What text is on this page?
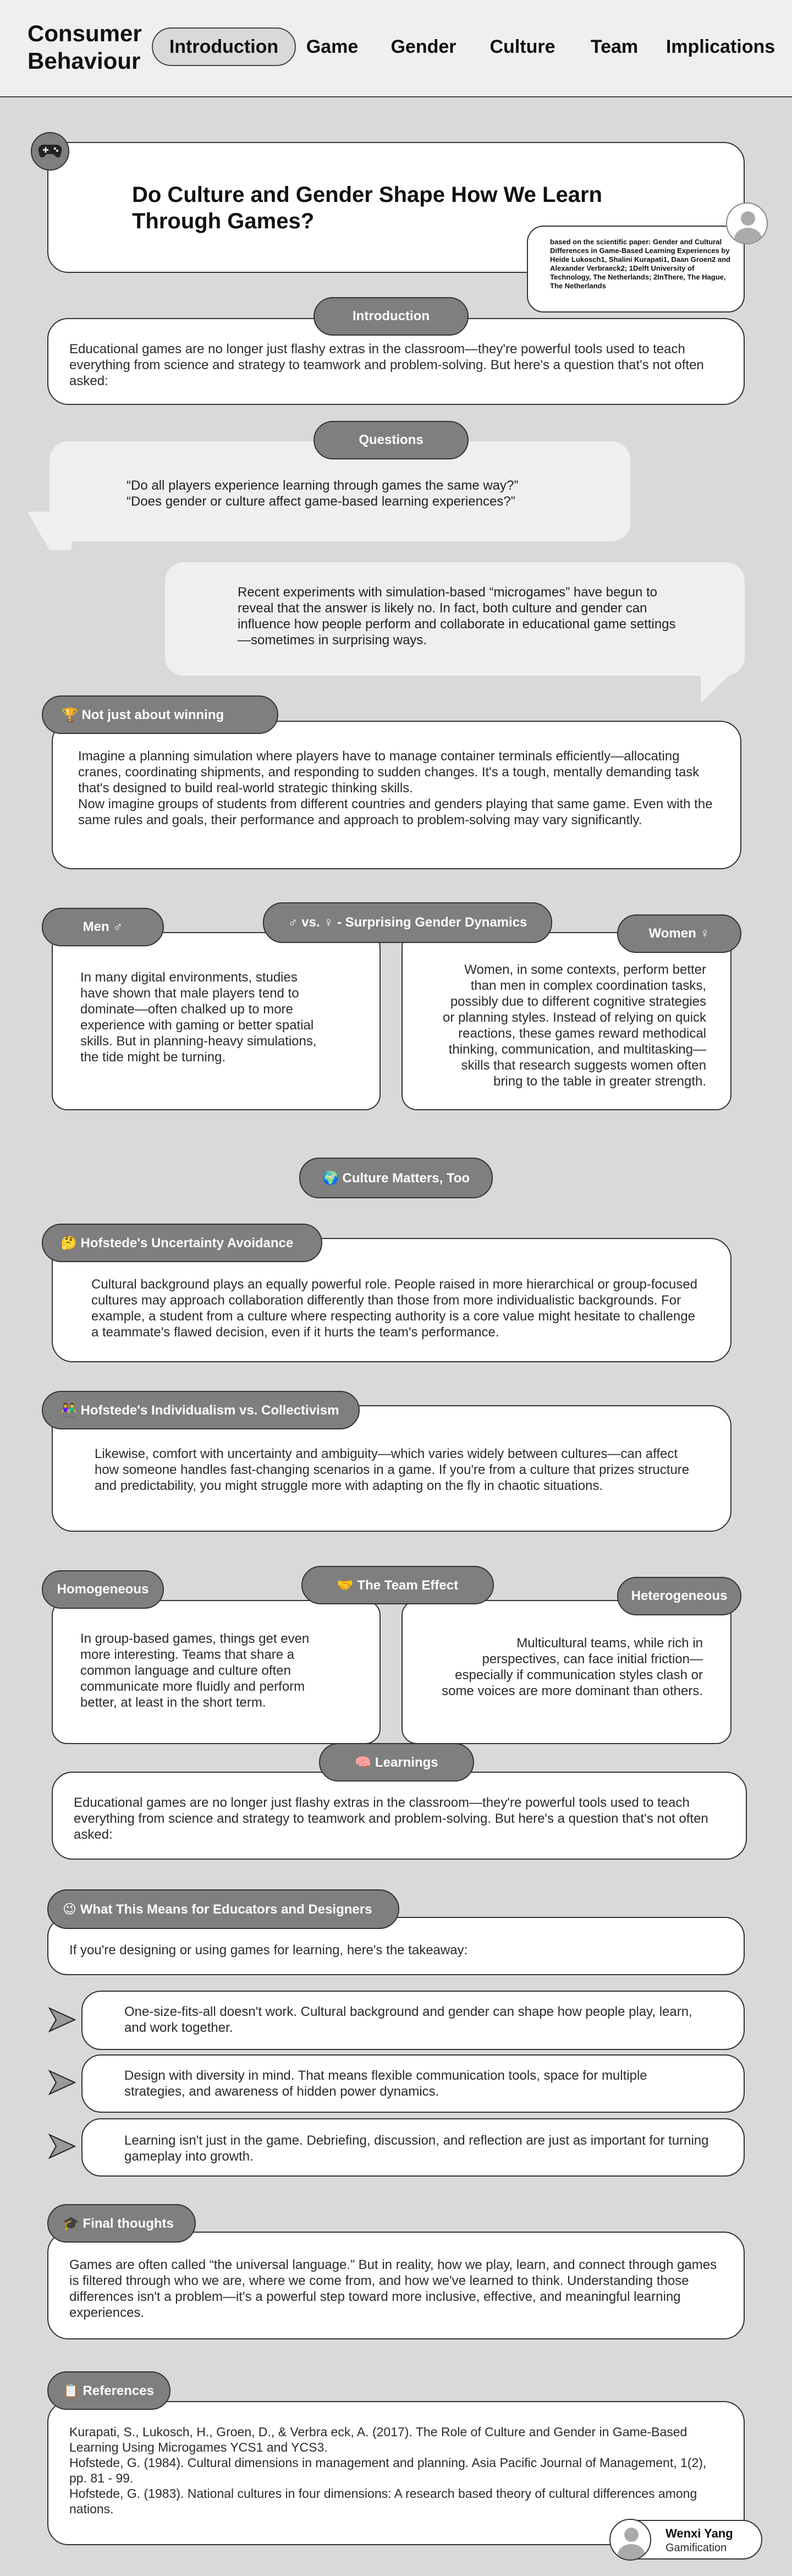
Consumer Behaviour
Introduction	Game	Gender	Culture	Team	Implications
Do Culture and Gender Shape How We Learn Through Games?
based on the scientific paper: Gender and Cultural Differences in Game-Based Learning Experiences by Heide Lukosch1, Shalini Kurapati1, Daan Groen2 and Alexander Verbraeck2; 1Delft University of Technology, The Netherlands; 2InThere, The Hague, The Netherlands
Educational games are no longer just flashy extras in the classroom—they're powerful tools used to teach everything from science and strategy to teamwork and problem-solving. But here's a question that's not often asked:
Introduction
“Do all players experience learning through games the same way?”
“Does gender or culture affect game-based learning experiences?”
Questions
Recent experiments with simulation-based “microgames” have begun to reveal that the answer is likely no. In fact, both culture and gender can influence how people perform and collaborate in educational game settings—sometimes in surprising ways.

Imagine a planning simulation where players have to manage container terminals efficiently—allocating cranes, coordinating shipments, and responding to sudden changes. It's a tough, mentally demanding task that's designed to build real-world strategic thinking skills.

Now imagine groups of students from different countries and genders playing that same game. Even with the same rules and goals, their performance and approach to problem-solving may vary significantly.

🏆 Not just about winning
In many digital environments, studies have shown that male players tend to dominate—often chalked up to more experience with gaming or better spatial skills. But in planning-heavy simulations, the tide might be turning.
Women, in some contexts, perform better than men in complex coordination tasks, possibly due to different cognitive strategies or planning styles. Instead of relying on quick reactions, these games reward methodical thinking, communication, and multitasking—skills that research suggests women often bring to the table in greater strength.
Men ♂	Women ♀
♂ vs. ♀ - Surprising Gender Dynamics
🌍 Culture Matters, Too
Cultural background plays an equally powerful role. People raised in more hierarchical or group-focused cultures may approach collaboration differently than those from more individualistic backgrounds. For example, a student from a culture where respecting authority is a core value might hesitate to challenge a teammate's flawed decision, even if it hurts the team's performance.
🤔 Hofstede's Uncertainty Avoidance
Likewise, comfort with uncertainty and ambiguity—which varies widely between cultures—can affect how someone handles fast-changing scenarios in a game. If you're from a culture that prizes structure and predictability, you might struggle more with adapting on the fly in chaotic situations.
👫 Hofstede's Individualism vs. Collectivism
In group-based games, things get even more interesting. Teams that share a common language and culture often communicate more fluidly and perform better, at least in the short term.
Multicultural teams, while rich in perspectives, can face initial friction—especially if communication styles clash or some voices are more dominant than others.
Homogeneous	Heterogeneous
🤝 The Team Effect
Educational games are no longer just flashy extras in the classroom—they're powerful tools used to teach everything from science and strategy to teamwork and problem-solving. But here's a question that's not often asked:
🧠 Learnings
If you're designing or using games for learning, here's the takeaway:
😉 What This Means for Educators and Designers
One-size-fits-all doesn't work. Cultural background and gender can shape how people play, learn, and work together.
Design with diversity in mind. That means flexible communication tools, space for multiple strategies, and awareness of hidden power dynamics.
Learning isn't just in the game. Debriefing, discussion, and reflection are just as important for turning gameplay into growth.
Games are often called “the universal language.” But in reality, how we play, learn, and connect through games is filtered through who we are, where we come from, and how we've learned to think. Understanding those differences isn't a problem—it's a powerful step toward more inclusive, effective, and meaningful learning experiences.
🎓 Final thoughts
Kurapati, S., Lukosch, H., Groen, D., & Verbra eck, A. (2017). The Role of Culture and Gender in Game-Based Learning Using Microgames YCS1 and YCS3.
Hofstede, G. (1984). Cultural dimensions in management and planning. Asia Pacific Journal of Management, 1(2), pp. 81 - 99.
Hofstede, G. (1983). National cultures in four dimensions: A research based theory of cultural differences among nations.
📋 References
Wenxi Yang
Gamification
